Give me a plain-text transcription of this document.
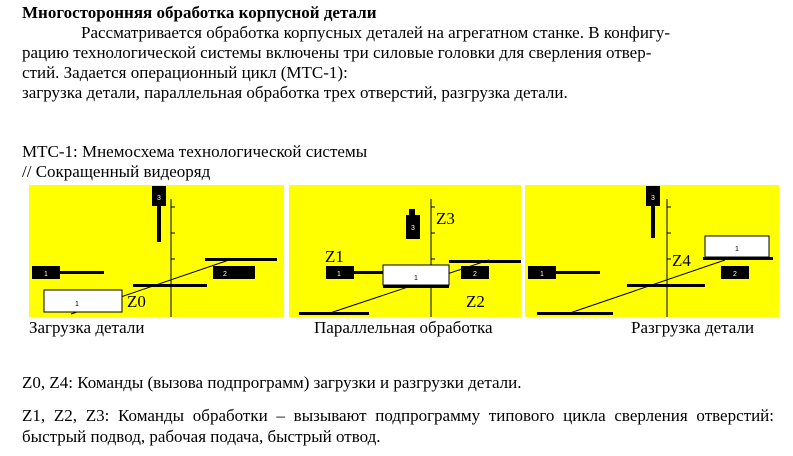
Многосторонняя обработка корпусной детали
Рассматривается обработка корпусных деталей на агрегатном станке. В конфигу-
рацию технологической системы включены три силовые головки для сверления отвер-
стий. Задается операционный цикл (МТС-1):
загрузка детали, параллельная обработка трех отверстий, разгрузка детали.
МТС-1: Мнемосхема технологической системы
// Сокращенный видеоряд
3
1	2
1	Z0
3
Z3
Z1
1	2
1
Z2
3
1
Z4
1	2
Загрузка детали	Параллельная обработка	Разгрузка детали
Z0, Z4: Команды (вызова подпрограмм) загрузки и разгрузки детали.
Z1, Z2, Z3: Команды обработки – вызывают подпрограмму типового цикла сверления отверстий: быстрый подвод, рабочая подача, быстрый отвод.
